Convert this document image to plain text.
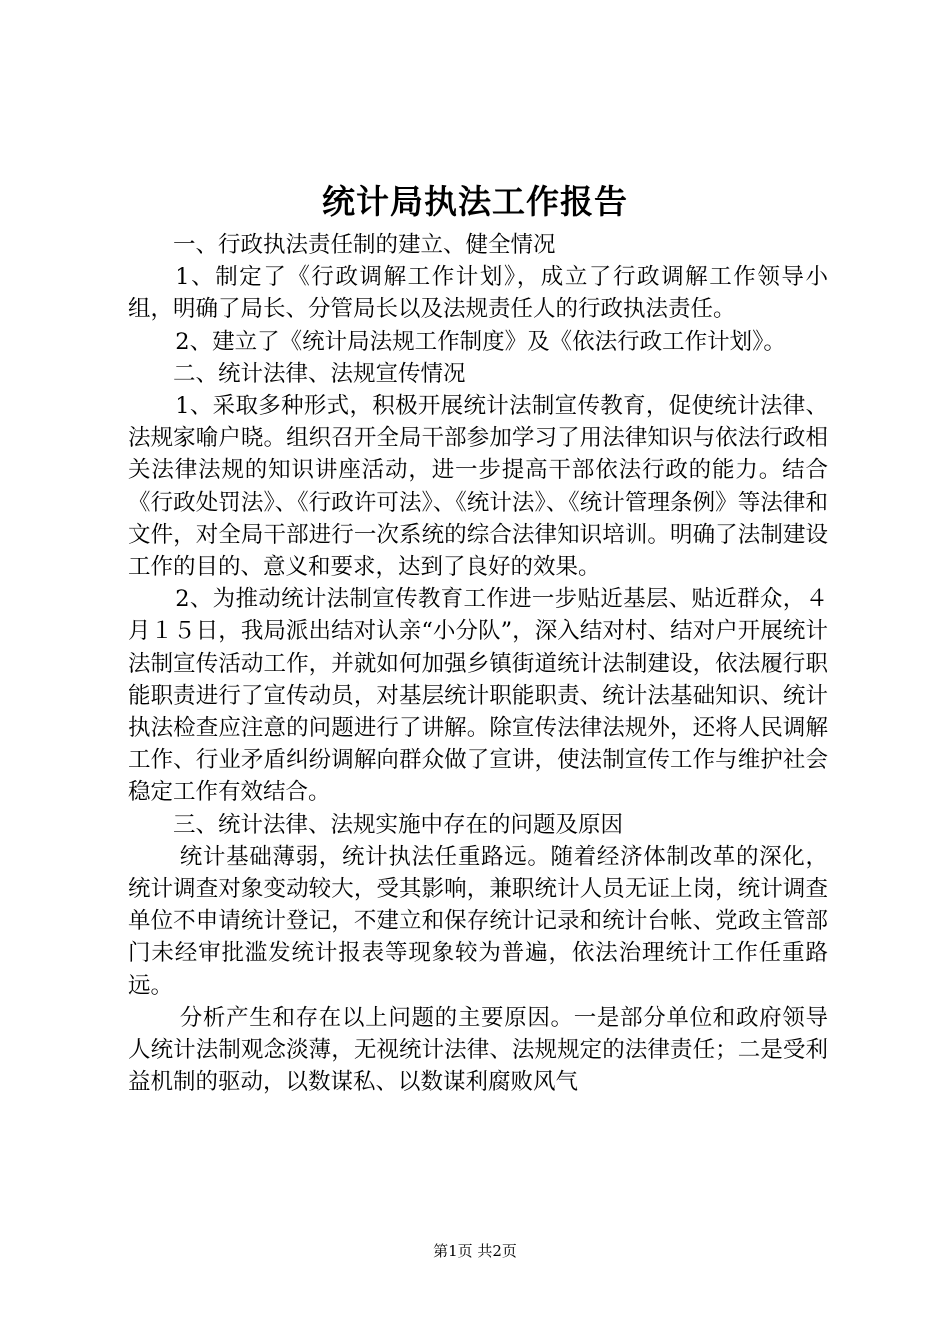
统计局执法工作报告

一、行政执法责任制的建立、健全情况

1、制定了《行政调解工作计划》，成立了行政调解工作领导小组，明确了局长、分管局长以及法规责任人的行政执法责任。

2、建立了《统计局法规工作制度》及《依法行政工作计划》。

二、统计法律、法规宣传情况

1、采取多种形式，积极开展统计法制宣传教育，促使统计法律、法规家喻户晓。组织召开全局干部参加学习了用法律知识与依法行政相关法律法规的知识讲座活动，进一步提高干部依法行政的能力。结合《行政处罚法》、《行政许可法》、《统计法》、《统计管理条例》等法律和文件，对全局干部进行一次系统的综合法律知识培训。明确了法制建设工作的目的、意义和要求，达到了良好的效果。

2、为推动统计法制宣传教育工作进一步贴近基层、贴近群众，４月１５日，我局派出结对认亲“小分队”，深入结对村、结对户开展统计法制宣传活动工作，并就如何加强乡镇街道统计法制建设，依法履行职能职责进行了宣传动员，对基层统计职能职责、统计法基础知识、统计执法检查应注意的问题进行了讲解。除宣传法律法规外，还将人民调解工作、行业矛盾纠纷调解向群众做了宣讲，使法制宣传工作与维护社会稳定工作有效结合。

三、统计法律、法规实施中存在的问题及原因

统计基础薄弱，统计执法任重路远。随着经济体制改革的深化，统计调查对象变动较大，受其影响，兼职统计人员无证上岗，统计调查单位不申请统计登记，不建立和保存统计记录和统计台帐、党政主管部门未经审批滥发统计报表等现象较为普遍，依法治理统计工作任重路远。

分析产生和存在以上问题的主要原因。一是部分单位和政府领导人统计法制观念淡薄，无视统计法律、法规规定的法律责任；二是受利益机制的驱动，以数谋私、以数谋利腐败风气

第1页 共2页
